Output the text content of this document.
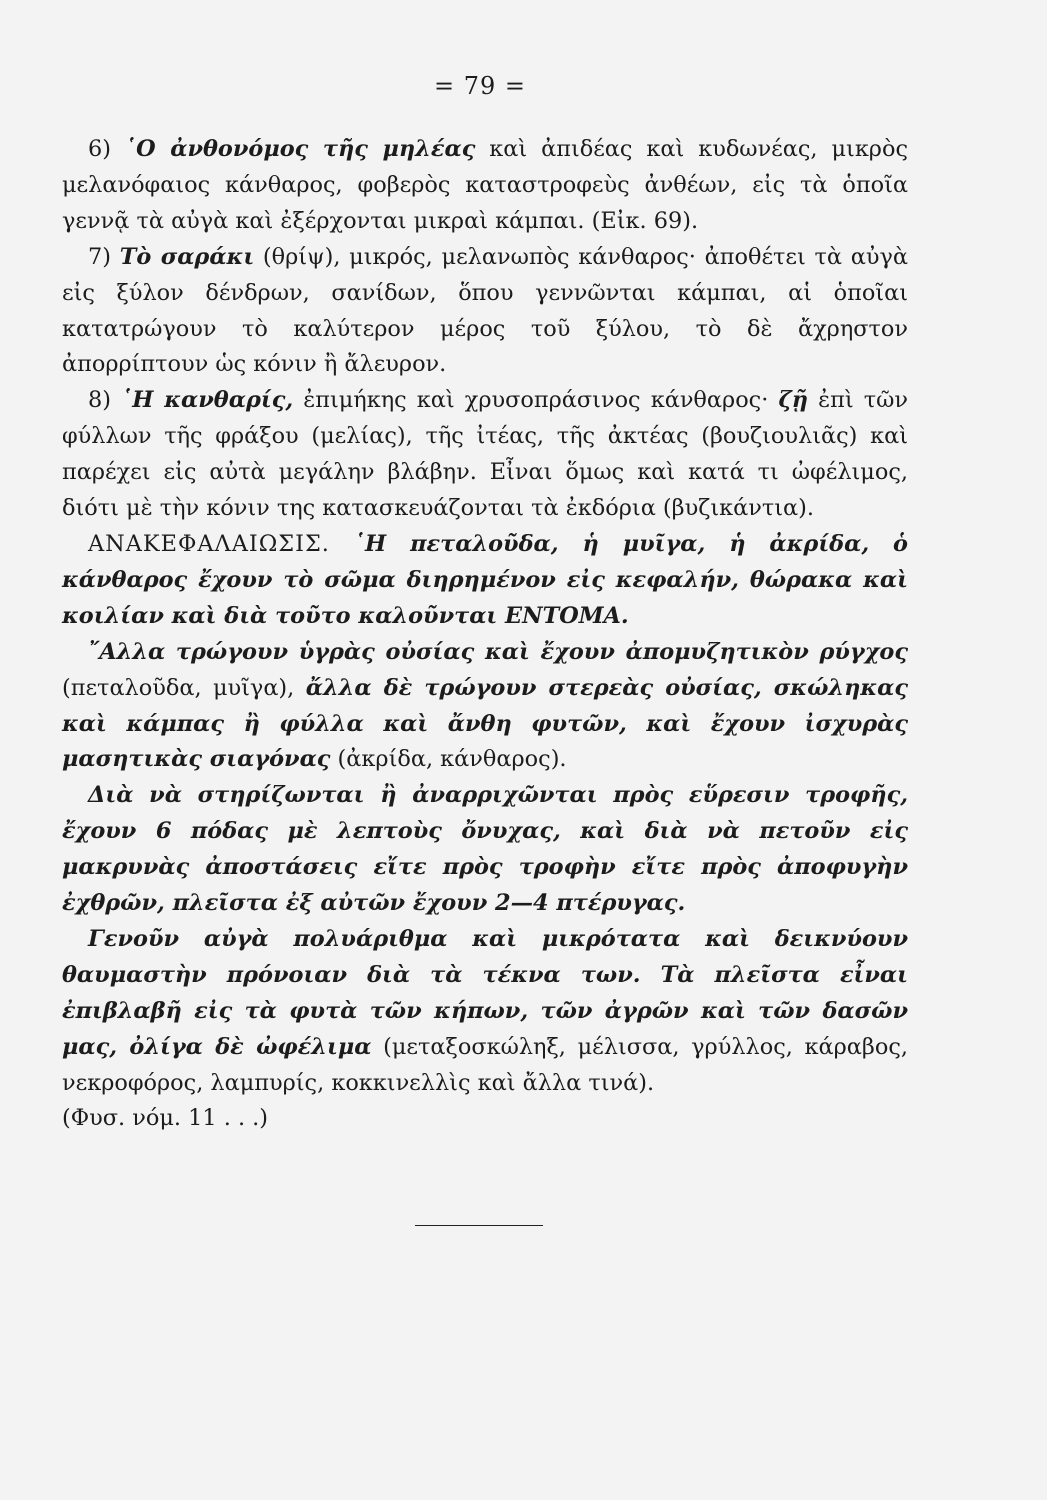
= 79 =

6) ῾Ο ἀνθονόμος τῆς μηλέας καὶ ἀπιδέας καὶ κυδωνέας, μικρὸς μελανόφαιος κάνθαρος, φοβερὸς καταστροφεὺς ἀνθέων, εἰς τὰ ὁποῖα γεννᾷ τὰ αὐγὰ καὶ ἐξέρχονται μικραὶ κάμπαι. (Εἰκ. 69).

7) Τὸ σαράκι (θρίψ), μικρός, μελανωπὸς κάνθαρος· ἀποθέτει τὰ αὐγὰ εἰς ξύλον δένδρων, σανίδων, ὅπου γεννῶνται κάμπαι, αἱ ὁποῖαι κατατρώγουν τὸ καλύτερον μέρος τοῦ ξύλου, τὸ δὲ ἄχρηστον ἀπορρίπτουν ὡς κόνιν ἢ ἄλευρον.

8) ῾Η κανθαρίς, ἐπιμήκης καὶ χρυσοπράσινος κάνθαρος· ζῇ ἐπὶ τῶν φύλλων τῆς φράξου (μελίας), τῆς ἰτέας, τῆς ἀκτέας (βουζιουλιᾶς) καὶ παρέχει εἰς αὐτὰ μεγάλην βλάβην. Εἶναι ὅμως καὶ κατά τι ὠφέλιμος, διότι μὲ τὴν κόνιν της κατασκευάζονται τὰ ἐκδόρια (βυζικάντια).

ΑΝΑΚΕΦΑΛΑΙΩΣΙΣ. ῾Η πεταλοῦδα, ἡ μυῖγα, ἡ ἀκρίδα, ὁ κάνθαρος ἔχουν τὸ σῶμα διηρημένον εἰς κεφαλήν, θώρακα καὶ κοιλίαν καὶ διὰ τοῦτο καλοῦνται ΕΝΤΟΜΑ.

῎Αλλα τρώγουν ὑγρὰς οὐσίας καὶ ἔχουν ἀπομυζητικὸν ρύγχος (πεταλοῦδα, μυῖγα), ἄλλα δὲ τρώγουν στερεὰς οὐσίας, σκώληκας καὶ κάμπας ἢ φύλλα καὶ ἄνθη φυτῶν, καὶ ἔχουν ἰσχυρὰς μασητικὰς σιαγόνας (ἀκρίδα, κάνθαρος).

Διὰ νὰ στηρίζωνται ἢ ἀναρριχῶνται πρὸς εὕρεσιν τροφῆς, ἔχουν 6 πόδας μὲ λεπτοὺς ὄνυχας, καὶ διὰ νὰ πετοῦν εἰς μακρυνὰς ἀποστάσεις εἴτε πρὸς τροφὴν εἴτε πρὸς ἀποφυγὴν ἐχθρῶν, πλεῖστα ἐξ αὐτῶν ἔχουν 2—4 πτέρυγας.

Γενοῦν αὐγὰ πολυάριθμα καὶ μικρότατα καὶ δεικνύουν θαυμαστὴν πρόνοιαν διὰ τὰ τέκνα των. Τὰ πλεῖστα εἶναι ἐπιβλαβῆ εἰς τὰ φυτὰ τῶν κήπων, τῶν ἀγρῶν καὶ τῶν δασῶν μας, ὀλίγα δὲ ὠφέλιμα (μεταξοσκώληξ, μέλισσα, γρύλλος, κάραβος, νεκροφόρος, λαμπυρίς, κοκκινελλὶς καὶ ἄλλα τινά).

(Φυσ. νόμ. 11 . . .)
